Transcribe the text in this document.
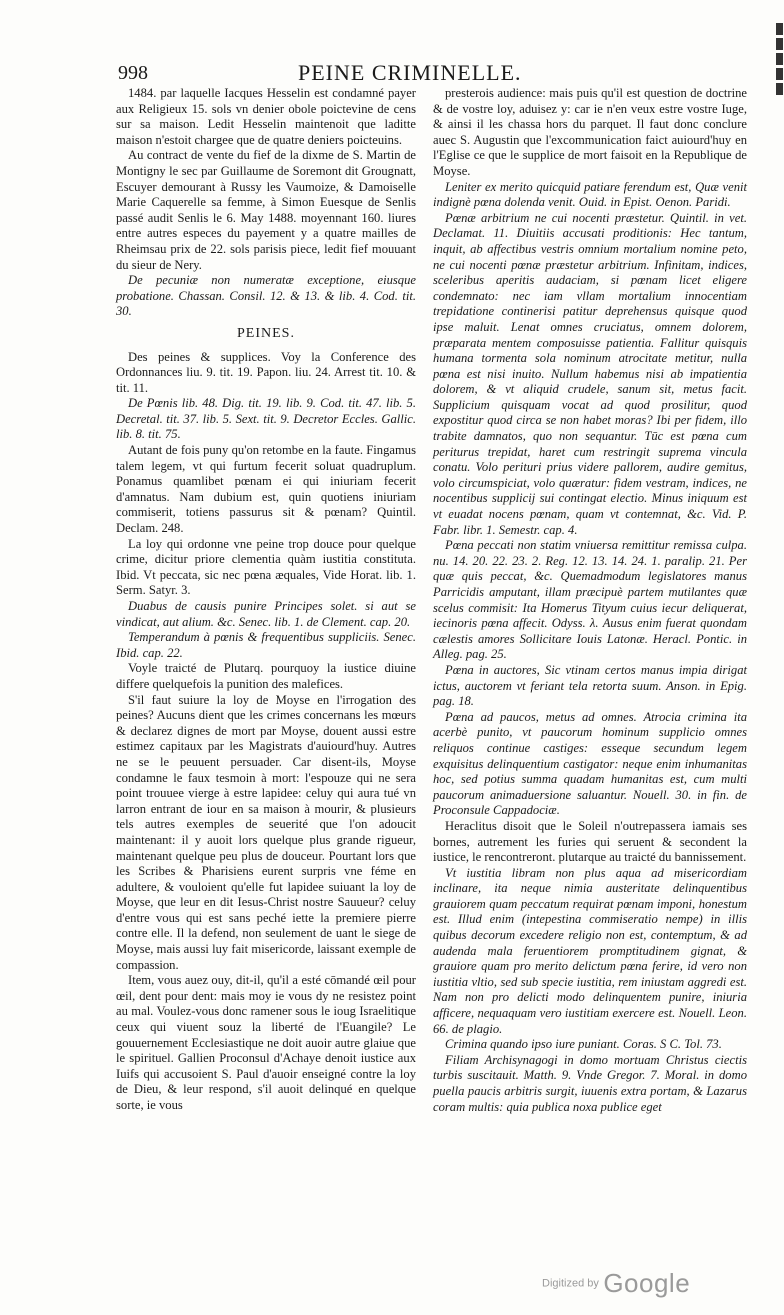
998	PEINE CRIMINELLE.

1484. par laquelle Iacques Hesselin est condamné payer aux Religieux 15. sols vn denier obole poictevine de cens sur sa maison. Ledit Hesselin maintenoit que laditte maison n'estoit chargee que de quatre deniers poicteuins.

Au contract de vente du fief de la dixme de S. Martin de Montigny le sec par Guillaume de Soremont dit Grougnatt, Escuyer demourant à Russy les Vaumoize, & Damoiselle Marie Caquerelle sa femme, à Simon Euesque de Senlis passé audit Senlis le 6. May 1488. moyennant 160. liures entre autres especes du payement y a quatre mailles de Rheimsau prix de 22. sols parisis piece, ledit fief mouuant du sieur de Nery.

De pecuniæ non numeratæ exceptione, eiusque probatione. Chassan. Consil. 12. & 13. & lib. 4. Cod. tit. 30.

PEINES.

Des peines & supplices. Voy la Conference des Ordonnances liu. 9. tit. 19. Papon. liu. 24. Arrest tit. 10. & tit. 11.

De Pœnis lib. 48. Dig. tit. 19. lib. 9. Cod. tit. 47. lib. 5. Decretal. tit. 37. lib. 5. Sext. tit. 9. Decretor Eccles. Gallic. lib. 8. tit. 75.

Autant de fois puny qu'on retombe en la faute. Fingamus talem legem, vt qui furtum fecerit soluat quadruplum. Ponamus quamlibet pœnam ei qui iniuriam fecerit d'amnatus. Nam dubium est, quin quotiens iniuriam commiserit, totiens passurus sit & pœnam? Quintil. Declam. 248.

La loy qui ordonne vne peine trop douce pour quelque crime, dicitur priore clementia quàm iustitia constituta. Ibid. Vt peccata, sic nec pœna æquales, Vide Horat. lib. 1. Serm. Satyr. 3.

Duabus de causis punire Principes solet. si aut se vindicat, aut alium. &c. Senec. lib. 1. de Clement. cap. 20.

Temperandum à pœnis & frequentibus suppliciis. Senec. Ibid. cap. 22.

Voyle traicté de Plutarq. pourquoy la iustice diuine differe quelquefois la punition des malefices.

S'il faut suiure la loy de Moyse en l'irrogation des peines? Aucuns dient que les crimes concernans les mœurs & declarez dignes de mort par Moyse, douent aussi estre estimez capitaux par les Magistrats d'auiourd'huy. Autres ne se le peuuent persuader. Car disent-ils, Moyse condamne le faux tesmoin à mort: l'espouze qui ne sera point trouuee vierge à estre lapidee: celuy qui aura tué vn larron entrant de iour en sa maison à mourir, & plusieurs tels autres exemples de seuerité que l'on adoucit maintenant: il y auoit lors quelque plus grande rigueur, maintenant quelque peu plus de douceur. Pourtant lors que les Scribes & Pharisiens eurent surpris vne féme en adultere, & vouloient qu'elle fut lapidee suiuant la loy de Moyse, que leur en dit Iesus-Christ nostre Sauueur? celuy d'entre vous qui est sans peché iette la premiere pierre contre elle. Il la defend, non seulement de uant le siege de Moyse, mais aussi luy fait misericorde, laissant exemple de compassion.

Item, vous auez ouy, dit-il, qu'il a esté cōmandé œil pour œil, dent pour dent: mais moy ie vous dy ne resistez point au mal. Voulez-vous donc ramener sous le ioug Israelitique ceux qui viuent souz la liberté de l'Euangile? Le gouuernement Ecclesiastique ne doit auoir autre glaiue que le spirituel. Gallien Proconsul d'Achaye denoit iustice aux Iuifs qui accusoient S. Paul d'auoir enseigné contre la loy de Dieu, & leur respond, s'il auoit delinqué en quelque sorte, ie vous

presterois audience: mais puis qu'il est question de doctrine & de vostre loy, aduisez y: car ie n'en veux estre vostre Iuge, & ainsi il les chassa hors du parquet. Il faut donc conclure auec S. Augustin que l'excommunication faict auiourd'huy en l'Eglise ce que le supplice de mort faisoit en la Republique de Moyse.

Leniter ex merito quicquid patiare ferendum est, Quæ venit indignè pœna dolenda venit. Ouid. in Epist. Oenon. Paridi.

Pœnæ arbitrium ne cui nocenti præstetur. Quintil. in vet. Declamat. 11. Diuitiis accusati proditionis: Hec tantum, inquit, ab affectibus vestris omnium mortalium nomine peto, ne cui nocenti pœnæ præstetur arbitrium. Infinitam, indices, sceleribus aperitis audaciam, si pœnam licet eligere condemnato: nec iam vllam mortalium innocentiam trepidatione continerisi patitur deprehensus quisque quod ipse maluit. Lenat omnes cruciatus, omnem dolorem, præparata mentem composuisse patientia. Fallitur quisquis humana tormenta sola nominum atrocitate metitur, nulla pœna est nisi inuito. Nullum habemus nisi ab impatientia dolorem, & vt aliquid crudele, sanum sit, metus facit. Supplicium quisquam vocat ad quod prosilitur, quod expostitur quod circa se non habet moras? Ibi per fidem, illo trabite damnatos, quo non sequantur. Tūc est pœna cum periturus trepidat, haret cum restringit suprema vincula conatu. Volo perituri prius videre pallorem, audire gemitus, volo circumspiciat, volo quæratur: fidem vestram, indices, ne nocentibus supplicij sui contingat electio. Minus iniquum est vt euadat nocens pœnam, quam vt contemnat, &c. Vid. P. Fabr. libr. 1. Semestr. cap. 4.

Pœna peccati non statim vniuersa remittitur remissa culpa. nu. 14. 20. 22. 23. 2. Reg. 12. 13. 14. 24. 1. paralip. 21. Per quæ quis peccat, &c. Quemadmodum legislatores manus Parricidis amputant, illam præcipuè partem mutilantes quæ scelus commisit: Ita Homerus Tityum cuius iecur deliquerat, iecinoris pœna affecit. Odyss. λ. Ausus enim fuerat quondam cælestis amores Sollicitare Iouis Latonæ. Heracl. Pontic. in Alleg. pag. 25.

Pœna in auctores, Sic vtinam certos manus impia dirigat ictus, auctorem vt feriant tela retorta suum. Anson. in Epig. pag. 18.

Pœna ad paucos, metus ad omnes. Atrocia crimina ita acerbè punito, vt paucorum hominum supplicio omnes reliquos continue castiges: esseque secundum legem exquisitus delinquentium castigator: neque enim inhumanitas hoc, sed potius summa quadam humanitas est, cum multi paucorum animaduersione saluantur. Nouell. 30. in fin. de Proconsule Cappadociæ.

Heraclitus disoit que le Soleil n'outrepassera iamais ses bornes, autrement les furies qui seruent & secondent la iustice, le rencontreront. plutarque au traicté du bannissement.

Vt iustitia libram non plus aqua ad misericordiam inclinare, ita neque nimia austeritate delinquentibus grauiorem quam peccatum requirat pœnam imponi, honestum est. Illud enim (intepestina commiseratio nempe) in illis quibus decorum excedere religio non est, contemptum, & ad audenda mala feruentiorem promptitudinem gignat, & grauiore quam pro merito delictum pœna ferire, id vero non iustitia vltio, sed sub specie iustitia, rem iniustam aggredi est. Nam non pro delicti modo delinquentem punire, iniuria afficere, nequaquam vero iustitiam exercere est. Nouell. Leon. 66. de plagio.

Crimina quando ipso iure puniant. Coras. S C. Tol. 73.

Filiam Archisynagogi in domo mortuam Christus ciectis turbis suscitauit. Matth. 9. Vnde Gregor. 7. Moral. in domo puella paucis arbitris surgit, iuuenis extra portam, & Lazarus coram multis: quia publica noxa publice eget

Digitized by Google
